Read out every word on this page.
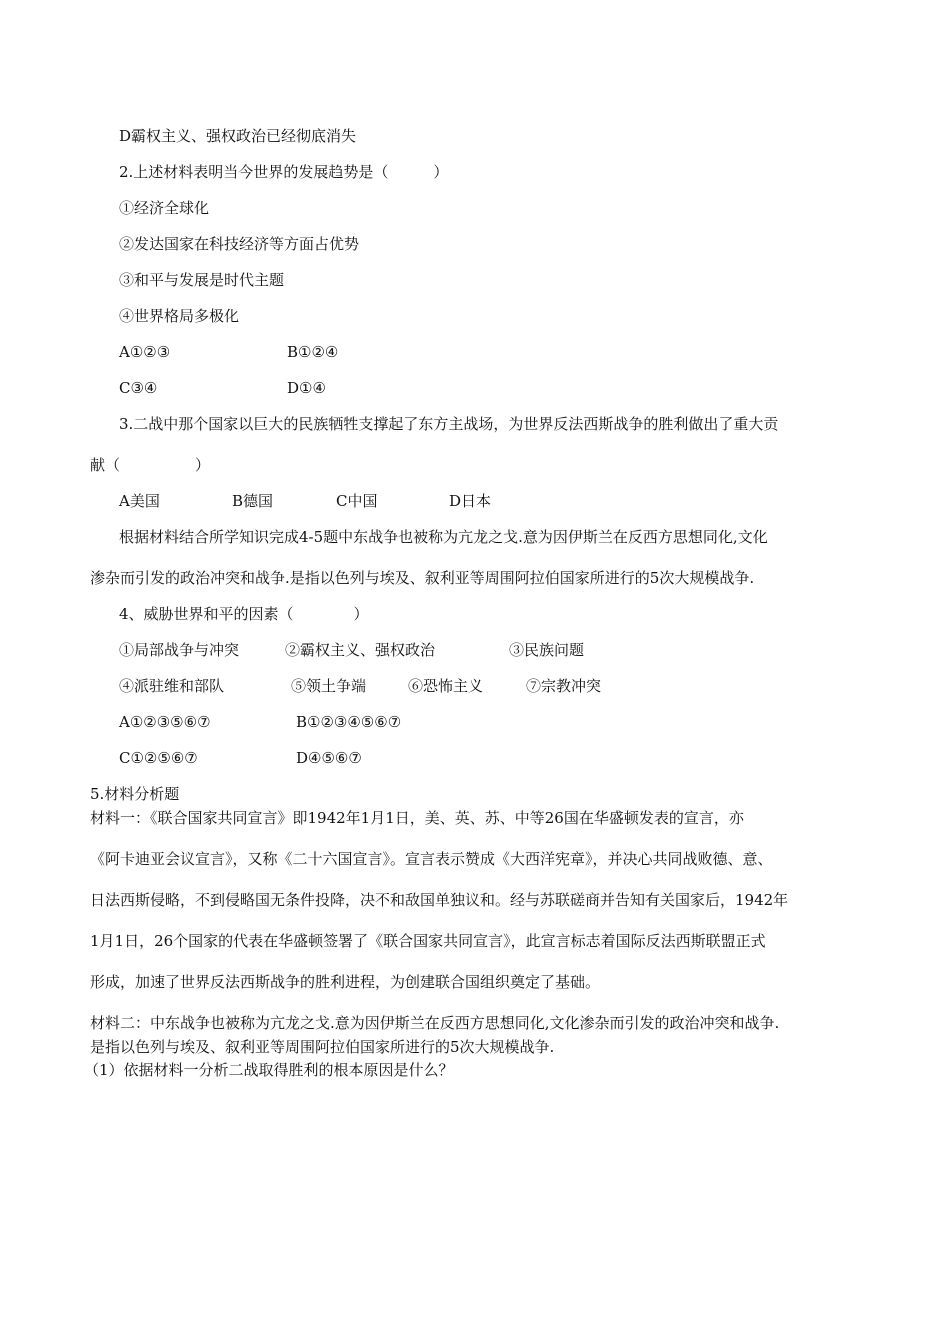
D霸权主义、强权政治已经彻底消失
2.上述材料表明当今世界的发展趋势是（　　　）
①经济全球化
②发达国家在科技经济等方面占优势
③和平与发展是时代主题
④世界格局多极化
A①②③	B①②④
C③④	D①④
3.二战中那个国家以巨大的民族牺牲支撑起了东方主战场，为世界反法西斯战争的胜利做出了重大贡
献（　　　　　）
A美国	B德国	C中国	D日本
根据材料结合所学知识完成4-5题中东战争也被称为亢龙之戈.意为因伊斯兰在反西方思想同化,文化
渗杂而引发的政治冲突和战争.是指以色列与埃及、叙利亚等周围阿拉伯国家所进行的5次大规模战争.
4、威胁世界和平的因素（　　　　）
①局部战争与冲突	②霸权主义、强权政治	③民族问题
④派驻维和部队	⑤领土争端	⑥恐怖主义	⑦宗教冲突
A①②③⑤⑥⑦	B①②③④⑤⑥⑦
C①②⑤⑥⑦	D④⑤⑥⑦
5.材料分析题
材料一：《联合国家共同宣言》即1942年1月1日，美、英、苏、中等26国在华盛顿发表的宣言，亦
《阿卡迪亚会议宣言》，又称《二十六国宣言》。宣言表示赞成《大西洋宪章》，并决心共同战败德、意、
日法西斯侵略，不到侵略国无条件投降，决不和敌国单独议和。经与苏联磋商并告知有关国家后，1942年
1月1日，26个国家的代表在华盛顿签署了《联合国家共同宣言》，此宣言标志着国际反法西斯联盟正式
形成，加速了世界反法西斯战争的胜利进程，为创建联合国组织奠定了基础。
材料二：中东战争也被称为亢龙之戈.意为因伊斯兰在反西方思想同化,文化渗杂而引发的政治冲突和战争.
是指以色列与埃及、叙利亚等周围阿拉伯国家所进行的5次大规模战争.
（1）依据材料一分析二战取得胜利的根本原因是什么？
